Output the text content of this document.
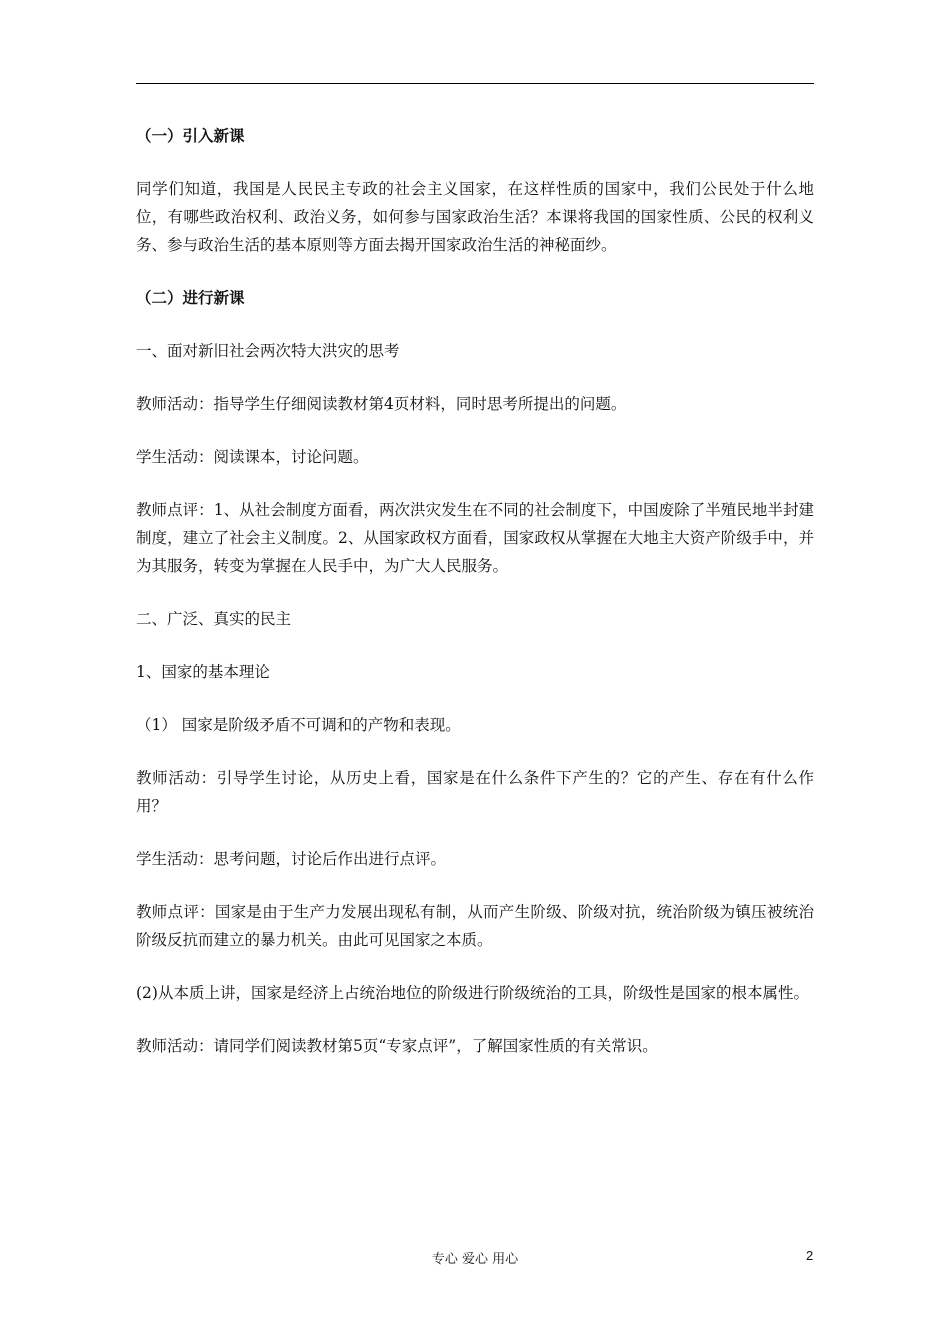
（一）引入新课

同学们知道，我国是人民民主专政的社会主义国家，在这样性质的国家中，我们公民处于什么地位，有哪些政治权利、政治义务，如何参与国家政治生活？本课将我国的国家性质、公民的权利义务、参与政治生活的基本原则等方面去揭开国家政治生活的神秘面纱。

（二）进行新课

一、面对新旧社会两次特大洪灾的思考

教师活动：指导学生仔细阅读教材第4页材料，同时思考所提出的问题。

学生活动：阅读课本，讨论问题。

教师点评：1、从社会制度方面看，两次洪灾发生在不同的社会制度下，中国废除了半殖民地半封建制度，建立了社会主义制度。2、从国家政权方面看，国家政权从掌握在大地主大资产阶级手中，并为其服务，转变为掌握在人民手中，为广大人民服务。

二、广泛、真实的民主

1、国家的基本理论

（1） 国家是阶级矛盾不可调和的产物和表现。

教师活动：引导学生讨论，从历史上看，国家是在什么条件下产生的？它的产生、存在有什么作用？

学生活动：思考问题，讨论后作出进行点评。

教师点评：国家是由于生产力发展出现私有制，从而产生阶级、阶级对抗，统治阶级为镇压被统治阶级反抗而建立的暴力机关。由此可见国家之本质。

(2)从本质上讲，国家是经济上占统治地位的阶级进行阶级统治的工具，阶级性是国家的根本属性。

教师活动：请同学们阅读教材第5页“专家点评”，了解国家性质的有关常识。

专心 爱心 用心	2
